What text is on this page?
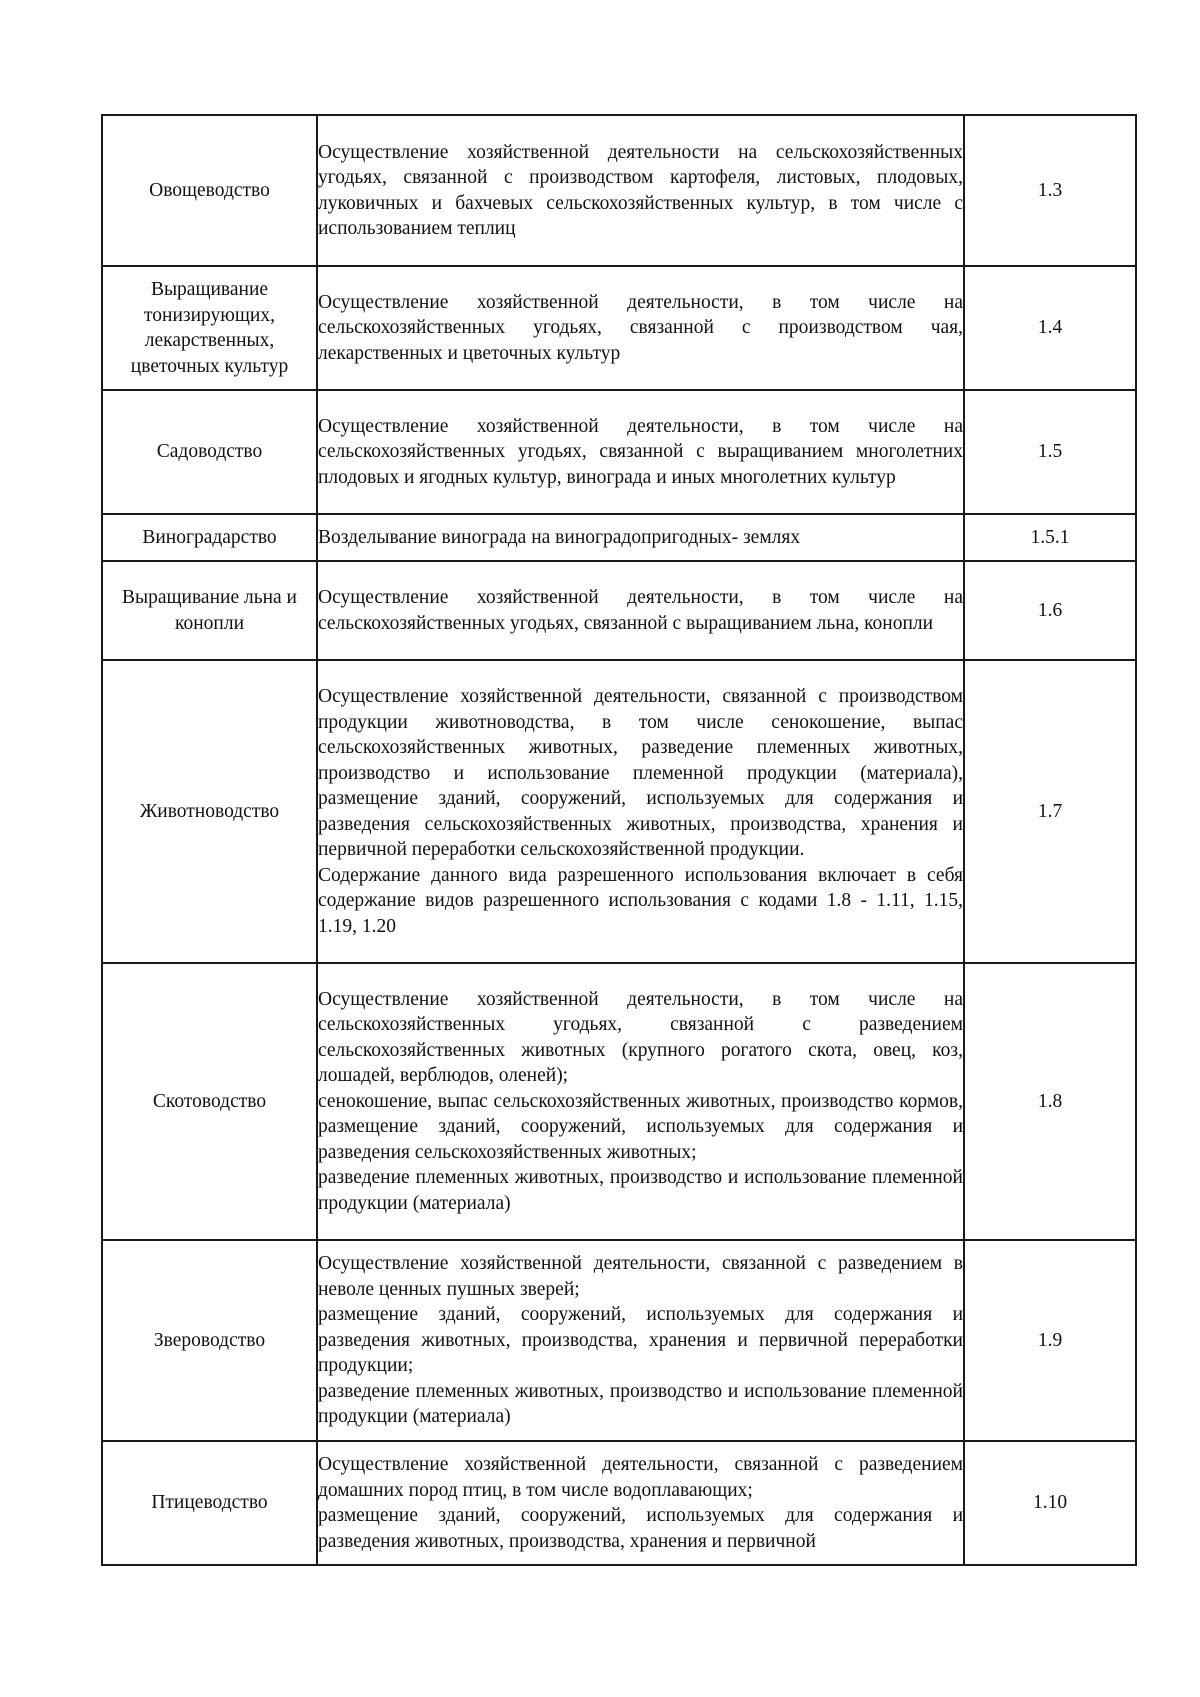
Овощеводство	Осуществление хозяйственной деятельности на сельскохозяйственных угодьях, связанной с производством картофеля, листовых, плодовых, луковичных и бахчевых сельскохозяйственных культур, в том числе с использованием теплиц	1.3

Выращивание тонизирующих, лекарственных, цветочных культур	Осуществление хозяйственной деятельности, в том числе на сельскохозяйственных угодьях, связанной с производством чая, лекарственных и цветочных культур	1.4

Садоводство	Осуществление хозяйственной деятельности, в том числе на сельскохозяйственных угодьях, связанной с выращиванием многолетних плодовых и ягодных культур, винограда и иных многолетних культур	1.5

Виноградарство	Возделывание винограда на виноградопригодных- землях	1.5.1

Выращивание льна и конопли	Осуществление хозяйственной деятельности, в том числе на сельскохозяйственных угодьях, связанной с выращиванием льна, конопли	1.6

Животноводство	Осуществление хозяйственной деятельности, связанной с производством продукции животноводства, в том числе сенокошение, выпас сельскохозяйственных животных, разведение племенных животных, производство и использование племенной продукции (материала), размещение зданий, сооружений, используемых для содержания и разведения сельскохозяйственных животных, производства, хранения и первичной переработки сельскохозяйственной продукции.
Содержание данного вида разрешенного использования включает в себя содержание видов разрешенного использования с кодами 1.8 - 1.11, 1.15, 1.19, 1.20	1.7

Скотоводство	Осуществление хозяйственной деятельности, в том числе на сельскохозяйственных угодьях, связанной с разведением сельскохозяйственных животных (крупного рогатого скота, овец, коз, лошадей, верблюдов, оленей);
сенокошение, выпас сельскохозяйственных животных, производство кормов, размещение зданий, сооружений, используемых для содержания и разведения сельскохозяйственных животных;
разведение племенных животных, производство и использование племенной продукции (материала)	1.8

Звероводство	Осуществление хозяйственной деятельности, связанной с разведением в неволе ценных пушных зверей;
размещение зданий, сооружений, используемых для содержания и разведения животных, производства, хранения и первичной переработки продукции;
разведение племенных животных, производство и использование племенной продукции (материала)	1.9

Птицеводство	Осуществление хозяйственной деятельности, связанной с разведением домашних пород птиц, в том числе водоплавающих;
размещение зданий, сооружений, используемых для содержания и разведения животных, производства, хранения и первичной	1.10
